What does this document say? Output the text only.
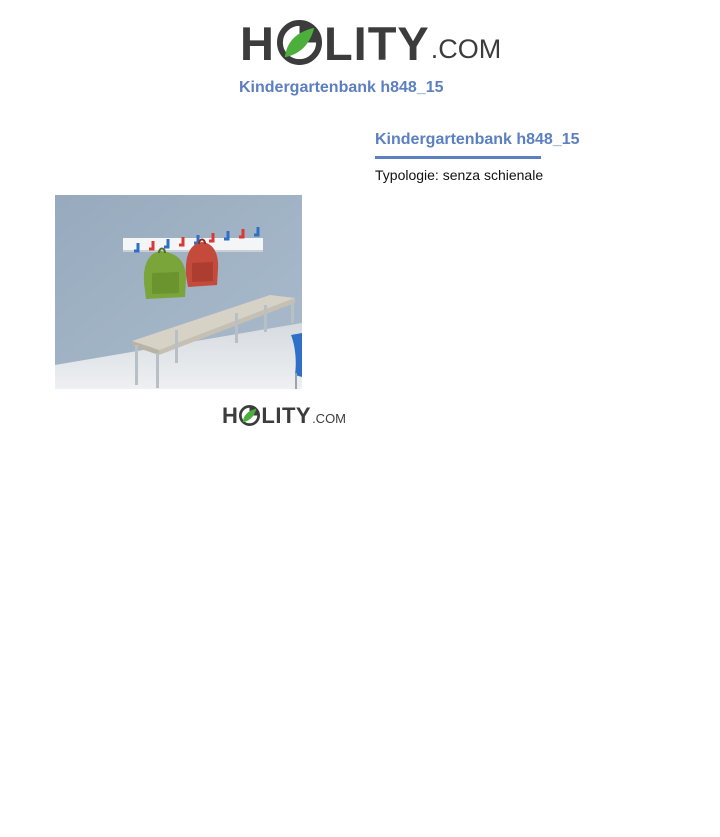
H LITY .COM
Kindergartenbank h848_15
Kindergartenbank h848_15
Typologie: senza schienale
H LITY .COM
